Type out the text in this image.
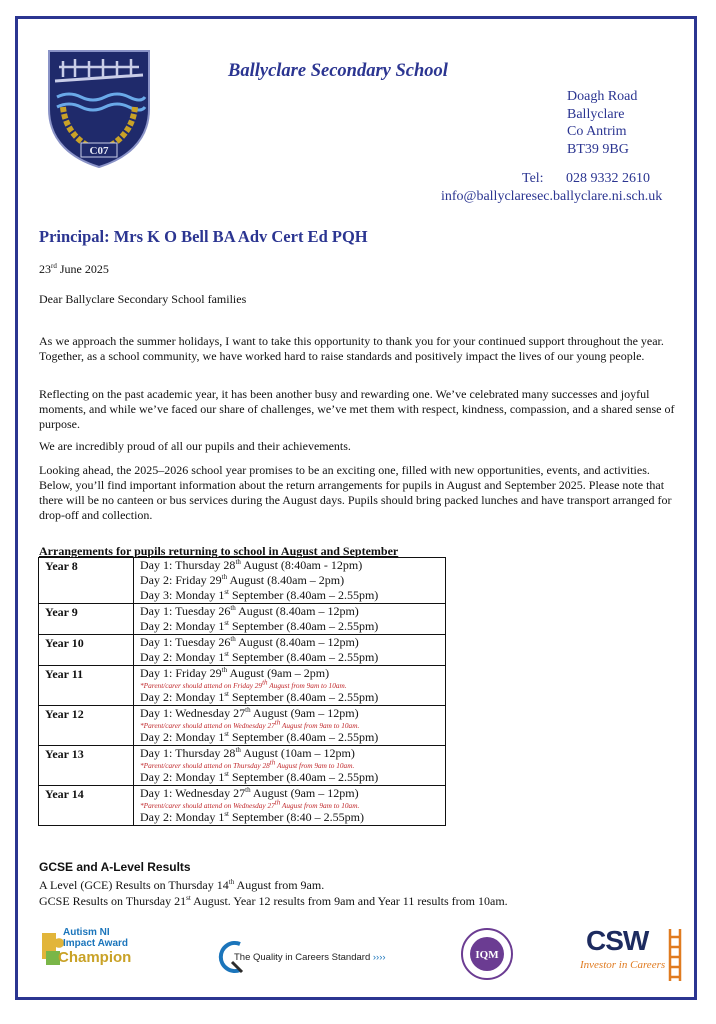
C07
Ballyclare Secondary School
Doagh Road
Ballyclare
Co Antrim
BT39 9BG
Tel: 028 9332 2610
info@ballyclaresec.ballyclare.ni.sch.uk
Principal: Mrs K O Bell BA Adv Cert Ed PQH
23rd June 2025
Dear Ballyclare Secondary School families

As we approach the summer holidays, I want to take this opportunity to thank you for your continued support throughout the year. Together, as a school community, we have worked hard to raise standards and positively impact the lives of our young people.

Reflecting on the past academic year, it has been another busy and rewarding one. We’ve celebrated many successes and joyful moments, and while we’ve faced our share of challenges, we’ve met them with respect, kindness, compassion, and a shared sense of purpose.

We are incredibly proud of all our pupils and their achievements.

Looking ahead, the 2025–2026 school year promises to be an exciting one, filled with new opportunities, events, and activities. Below, you’ll find important information about the return arrangements for pupils in August and September 2025. Please note that there will be no canteen or bus services during the August days. Pupils should bring packed lunches and have transport arranged for drop-off and collection.

Arrangements for pupils returning to school in August and September
Year 8	Day 1: Thursday 28th August (8:40am - 12pm)
Day 2: Friday 29th August (8.40am – 2pm)
Day 3: Monday 1st September (8.40am – 2.55pm)

Year 9	Day 1: Tuesday 26th August (8.40am – 12pm)
Day 2: Monday 1st September (8.40am – 2.55pm)

Year 10	Day 1: Tuesday 26th August (8.40am – 12pm)
Day 2: Monday 1st September (8.40am – 2.55pm)

Year 11	Day 1: Friday 29th August (9am – 2pm)
*Parent/carer should attend on Friday 29th August from 9am to 10am.
Day 2: Monday 1st September (8.40am – 2.55pm)

Year 12	Day 1: Wednesday 27th August (9am – 12pm)
*Parent/carer should attend on Wednesday 27th August from 9am to 10am.
Day 2: Monday 1st September (8.40am – 2.55pm)

Year 13	Day 1: Thursday 28th August (10am – 12pm)
*Parent/carer should attend on Thursday 28th August from 9am to 10am.
Day 2: Monday 1st September (8.40am – 2.55pm)

Year 14	Day 1: Wednesday 27th August (9am – 12pm)
*Parent/carer should attend on Wednesday 27th August from 9am to 10am.
Day 2: Monday 1st September (8:40 – 2.55pm)
GCSE and A-Level Results
A Level (GCE) Results on Thursday 14th August from 9am.
GCSE Results on Thursday 21st August. Year 12 results from 9am and Year 11 results from 10am.
Autism NI
Impact Award
Champion	The Quality in Careers Standard ››››	IQM	CSW
Investor in Careers
